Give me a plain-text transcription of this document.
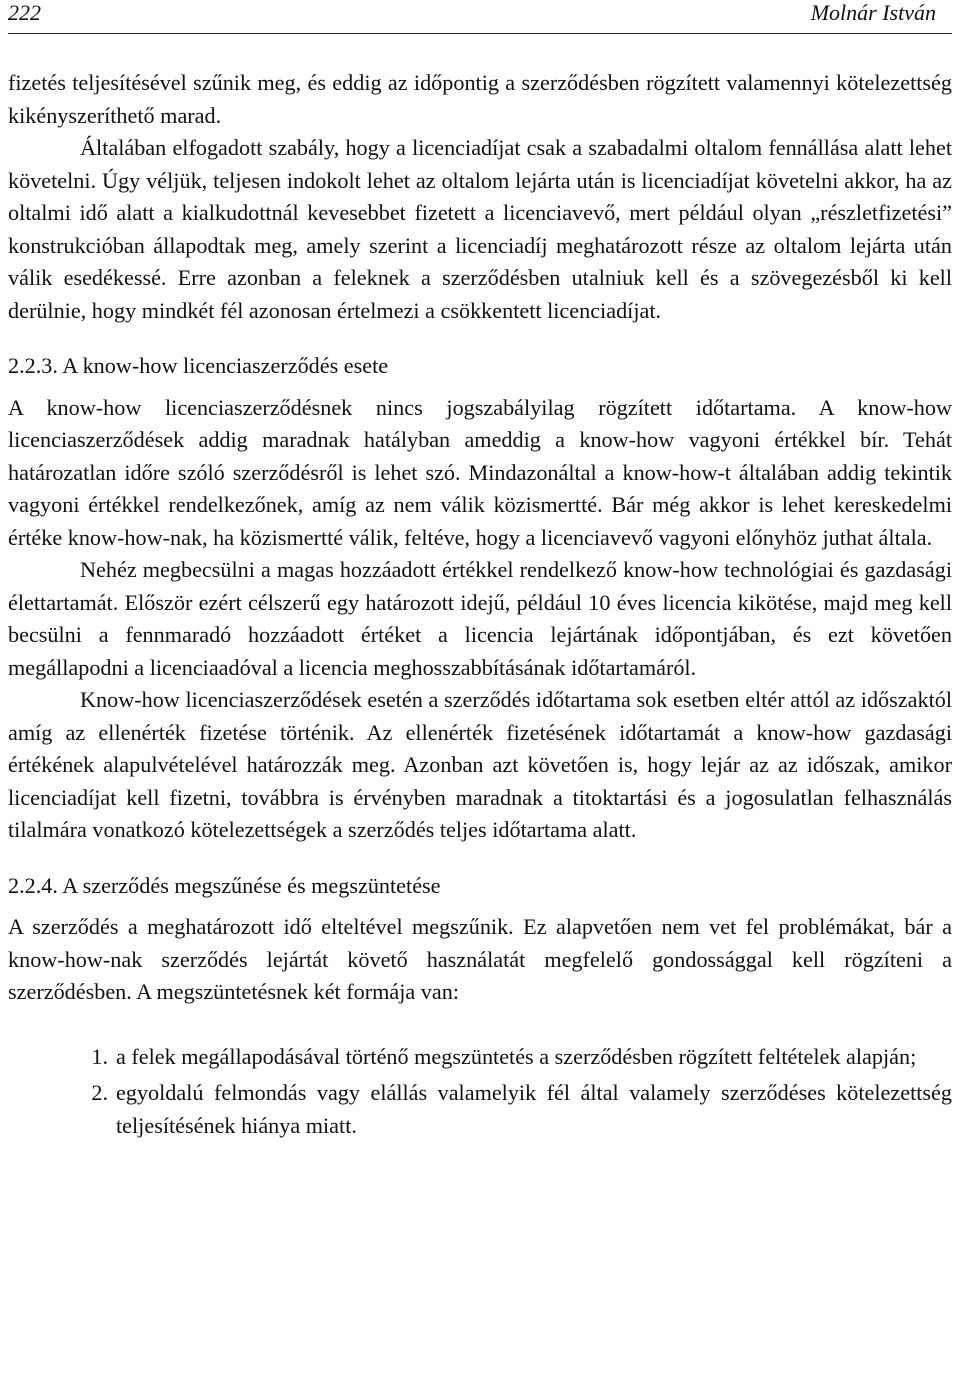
222	Molnár István

fizetés teljesítésével szűnik meg, és eddig az időpontig a szerződésben rögzített valamennyi kötelezettség kikényszeríthető marad.

Általában elfogadott szabály, hogy a licenciadíjat csak a szabadalmi oltalom fennállása alatt lehet követelni. Úgy véljük, teljesen indokolt lehet az oltalom lejárta után is licenciadíjat követelni akkor, ha az oltalmi idő alatt a kialkudottnál kevesebbet fizetett a licenciavevő, mert például olyan „részletfizetési” konstrukcióban állapodtak meg, amely szerint a licenciadíj meghatározott része az oltalom lejárta után válik esedékessé. Erre azonban a feleknek a szerződésben utalniuk kell és a szövegezésből ki kell derülnie, hogy mindkét fél azonosan értelmezi a csökkentett licenciadíjat.

2.2.3. A know-how licenciaszerződés esete

A know-how licenciaszerződésnek nincs jogszabályilag rögzített időtartama. A know-how licenciaszerződések addig maradnak hatályban ameddig a know-how vagyoni értékkel bír. Tehát határozatlan időre szóló szerződésről is lehet szó. Mindazonáltal a know-how-t általában addig tekintik vagyoni értékkel rendelkezőnek, amíg az nem válik közismertté. Bár még akkor is lehet kereskedelmi értéke know-how-nak, ha közismertté válik, feltéve, hogy a licenciavevő vagyoni előnyhöz juthat általa.

Nehéz megbecsülni a magas hozzáadott értékkel rendelkező know-how technológiai és gazdasági élettartamát. Először ezért célszerű egy határozott idejű, például 10 éves licencia kikötése, majd meg kell becsülni a fennmaradó hozzáadott értéket a licencia lejártának időpontjában, és ezt követően megállapodni a licenciaadóval a licencia meghosszabbításának időtartamáról.

Know-how licenciaszerződések esetén a szerződés időtartama sok esetben eltér attól az időszaktól amíg az ellenérték fizetése történik. Az ellenérték fizetésének időtartamát a know-how gazdasági értékének alapulvételével határozzák meg. Azonban azt követően is, hogy lejár az az időszak, amikor licenciadíjat kell fizetni, továbbra is érvényben maradnak a titoktartási és a jogosulatlan felhasználás tilalmára vonatkozó kötelezettségek a szerződés teljes időtartama alatt.

2.2.4. A szerződés megszűnése és megszüntetése

A szerződés a meghatározott idő elteltével megszűnik. Ez alapvetően nem vet fel problémákat, bár a know-how-nak szerződés lejártát követő használatát megfelelő gondossággal kell rögzíteni a szerződésben. A megszüntetésnek két formája van:

1. a felek megállapodásával történő megszüntetés a szerződésben rögzített feltételek alapján;
2. egyoldalú felmondás vagy elállás valamelyik fél által valamely szerződéses kötelezettség teljesítésének hiánya miatt.
